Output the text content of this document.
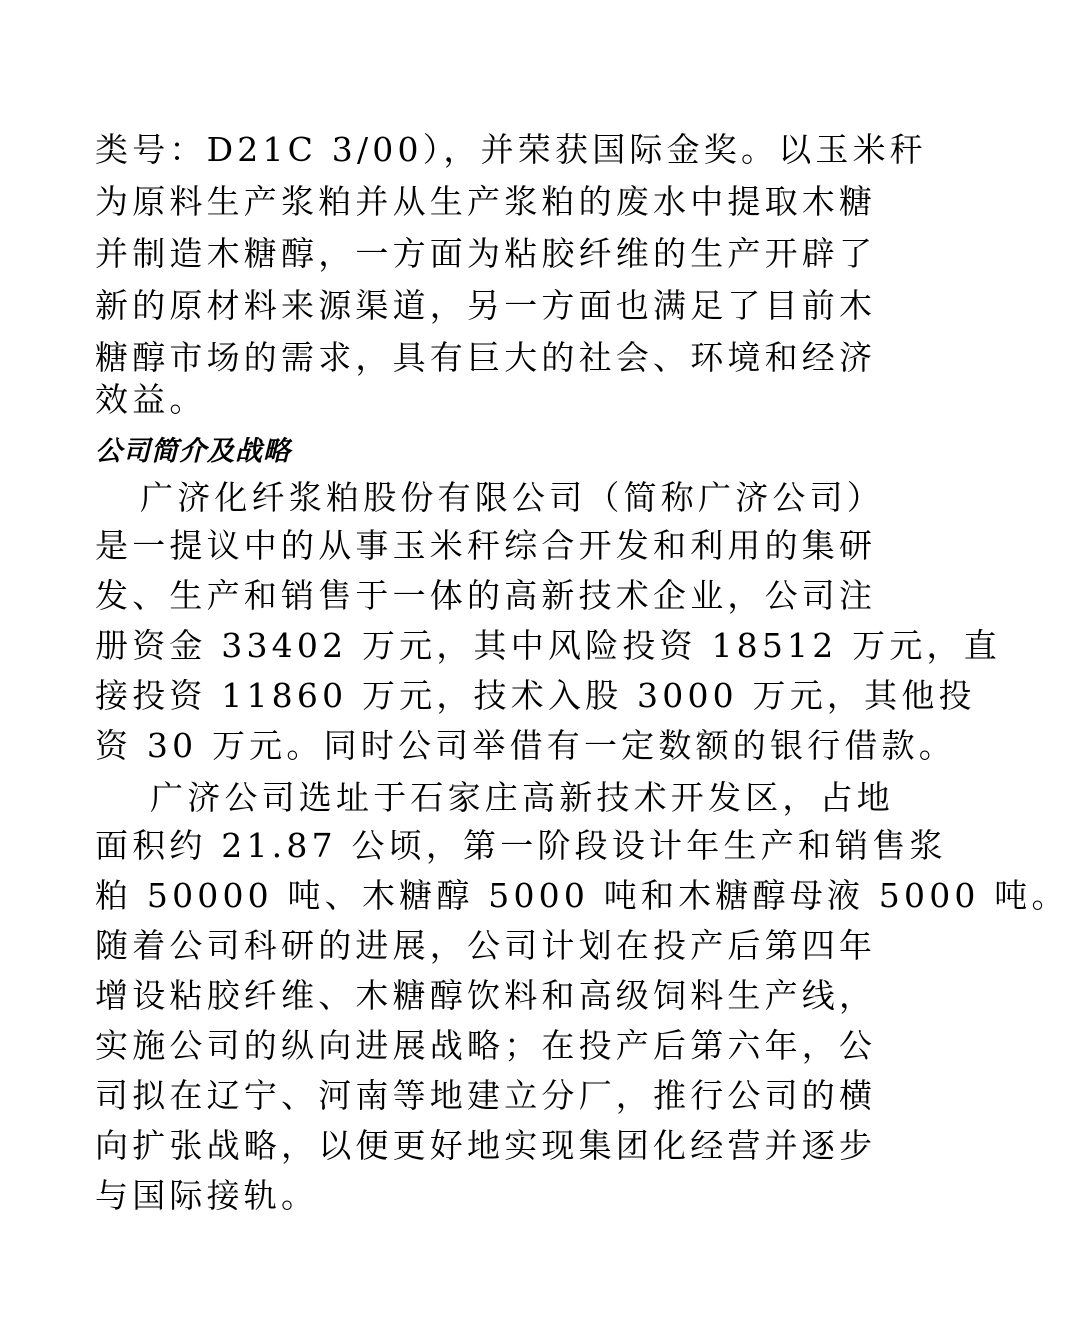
类号：D21C 3/00），并荣获国际金奖。以玉米秆
为原料生产浆粕并从生产浆粕的废水中提取木糖
并制造木糖醇，一方面为粘胶纤维的生产开辟了
新的原材料来源渠道，另一方面也满足了目前木
糖醇市场的需求，具有巨大的社会、环境和经济
效益。
公司简介及战略
广济化纤浆粕股份有限公司（简称广济公司）
是一提议中的从事玉米秆综合开发和利用的集研
发、生产和销售于一体的高新技术企业，公司注
册资金 33402 万元，其中风险投资 18512 万元，直
接投资 11860 万元，技术入股 3000 万元，其他投
资 30 万元。同时公司举借有一定数额的银行借款。
广济公司选址于石家庄高新技术开发区，占地
面积约 21.87 公顷，第一阶段设计年生产和销售浆
粕 50000 吨、木糖醇 5000 吨和木糖醇母液 5000 吨。
随着公司科研的进展，公司计划在投产后第四年
增设粘胶纤维、木糖醇饮料和高级饲料生产线，
实施公司的纵向进展战略；在投产后第六年，公
司拟在辽宁、河南等地建立分厂，推行公司的横
向扩张战略，以便更好地实现集团化经营并逐步
与国际接轨。
